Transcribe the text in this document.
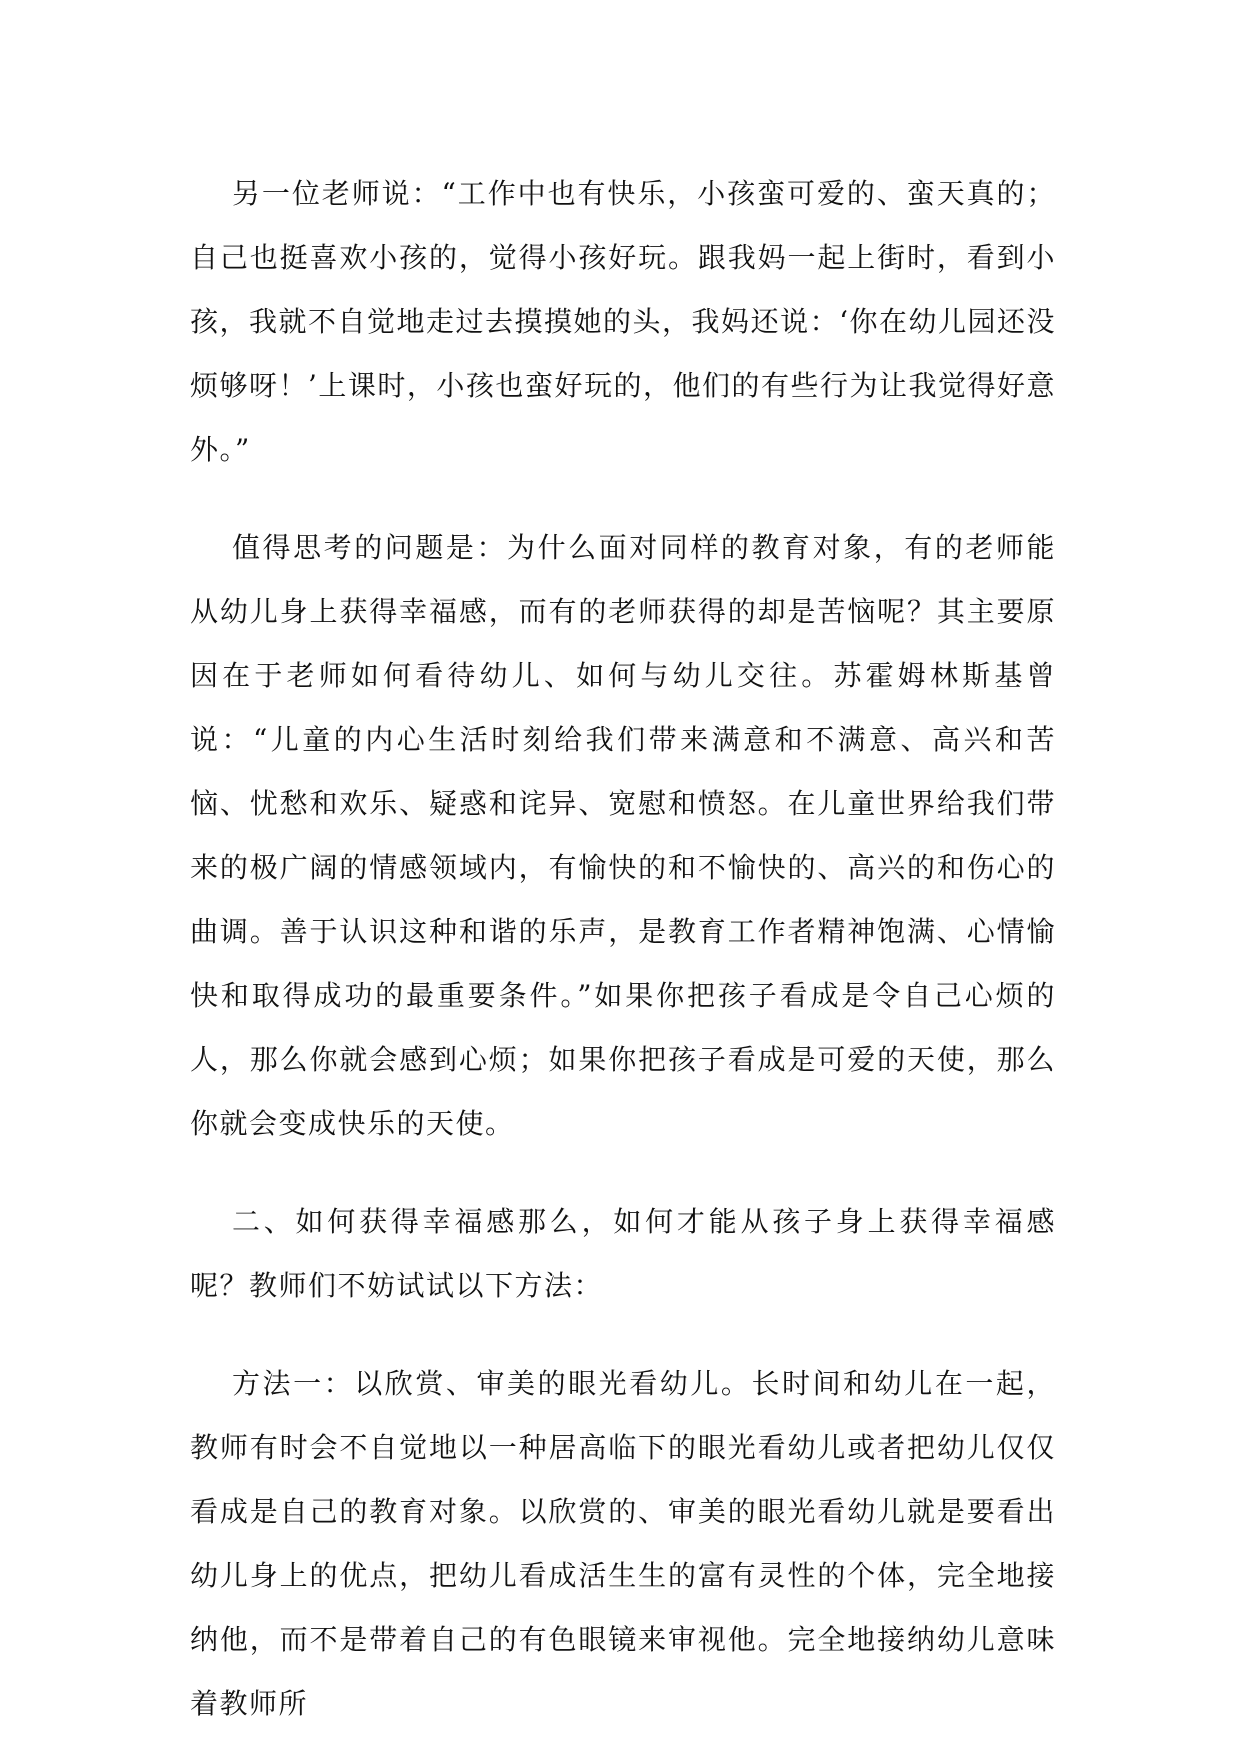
另一位老师说：“工作中也有快乐，小孩蛮可爱的、蛮天真的；自己也挺喜欢小孩的，觉得小孩好玩。跟我妈一起上街时，看到小孩，我就不自觉地走过去摸摸她的头，我妈还说：‘你在幼儿园还没烦够呀！’上课时，小孩也蛮好玩的，他们的有些行为让我觉得好意外。”

值得思考的问题是：为什么面对同样的教育对象，有的老师能从幼儿身上获得幸福感，而有的老师获得的却是苦恼呢？其主要原因在于老师如何看待幼儿、如何与幼儿交往。苏霍姆林斯基曾说：“儿童的内心生活时刻给我们带来满意和不满意、高兴和苦恼、忧愁和欢乐、疑惑和诧异、宽慰和愤怒。在儿童世界给我们带来的极广阔的情感领域内，有愉快的和不愉快的、高兴的和伤心的曲调。善于认识这种和谐的乐声，是教育工作者精神饱满、心情愉快和取得成功的最重要条件。”如果你把孩子看成是令自己心烦的人，那么你就会感到心烦；如果你把孩子看成是可爱的天使，那么你就会变成快乐的天使。

二、如何获得幸福感那么，如何才能从孩子身上获得幸福感呢？教师们不妨试试以下方法：

方法一：以欣赏、审美的眼光看幼儿。长时间和幼儿在一起，教师有时会不自觉地以一种居高临下的眼光看幼儿或者把幼儿仅仅看成是自己的教育对象。以欣赏的、审美的眼光看幼儿就是要看出幼儿身上的优点，把幼儿看成活生生的富有灵性的个体，完全地接纳他，而不是带着自己的有色眼镜来审视他。完全地接纳幼儿意味着教师所
